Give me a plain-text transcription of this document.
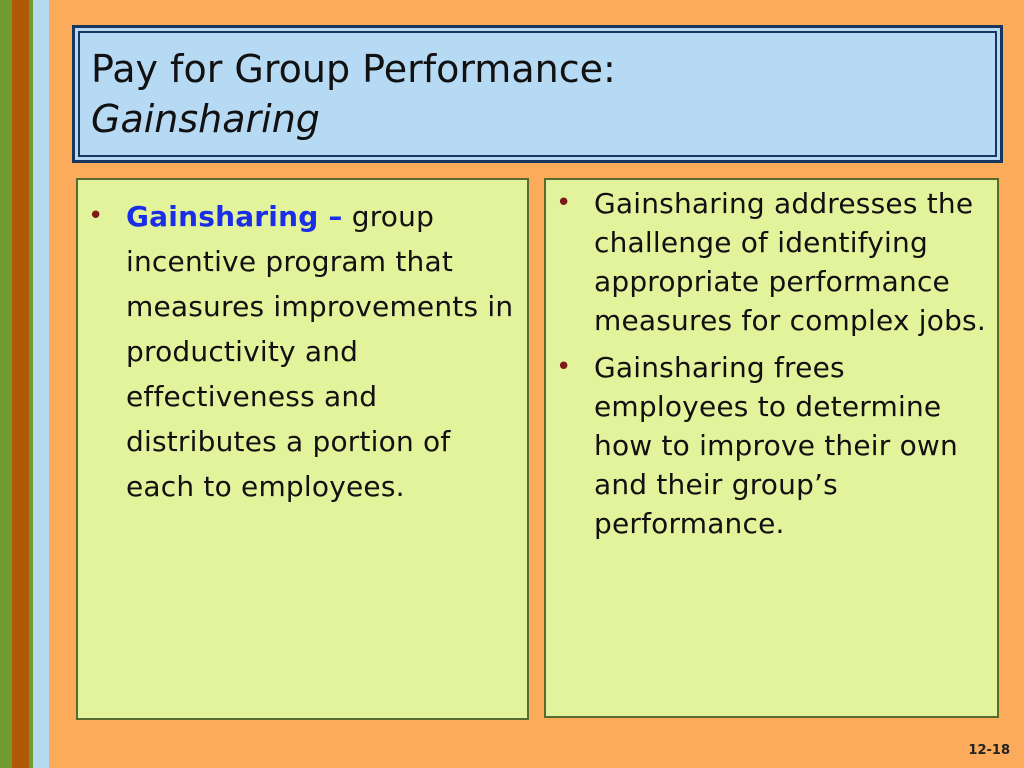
Pay for Group Performance:
Gainsharing
• Gainsharing – group incentive program that measures improvements in productivity and effectiveness and distributes a portion of each to employees.
• Gainsharing addresses the challenge of identifying appropriate performance measures for complex jobs.
• Gainsharing frees employees to determine how to improve their own and their group’s performance.
12-18
